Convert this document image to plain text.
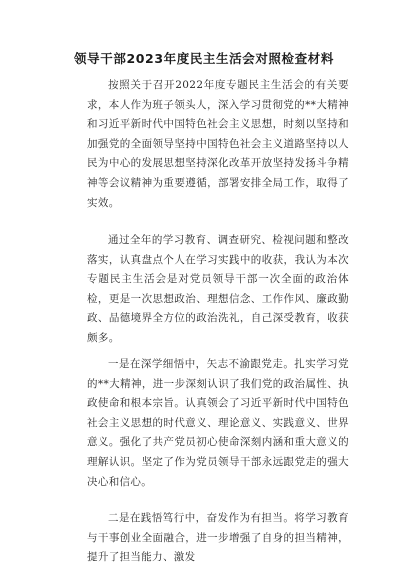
领导干部2023年度民主生活会对照检查材料
按照关于召开2022年度专题民主生活会的有关要求，本人作为班子领头人，深入学习贯彻党的**大精神和习近平新时代中国特色社会主义思想，时刻以坚持和加强党的全面领导坚持中国特色社会主义道路坚持以人民为中心的发展思想坚持深化改革开放坚持发扬斗争精神等会议精神为重要遵循，部署安排全局工作，取得了实效。
通过全年的学习教育、调查研究、检视问题和整改落实，认真盘点个人在学习实践中的收获，我认为本次专题民主生活会是对党员领导干部一次全面的政治体检，更是一次思想政治、理想信念、工作作风、廉政勤政、品德境界全方位的政治洗礼，自己深受教育，收获颇多。
一是在深学细悟中，矢志不渝跟党走。扎实学习党的**大精神，进一步深刻认识了我们党的政治属性、执政使命和根本宗旨。认真领会了习近平新时代中国特色社会主义思想的时代意义、理论意义、实践意义、世界意义。强化了共产党员初心使命深刻内涵和重大意义的理解认识。坚定了作为党员领导干部永远跟党走的强大决心和信心。
二是在践悟笃行中，奋发作为有担当。将学习教育与干事创业全面融合，进一步增强了自身的担当精神，提升了担当能力、激发
